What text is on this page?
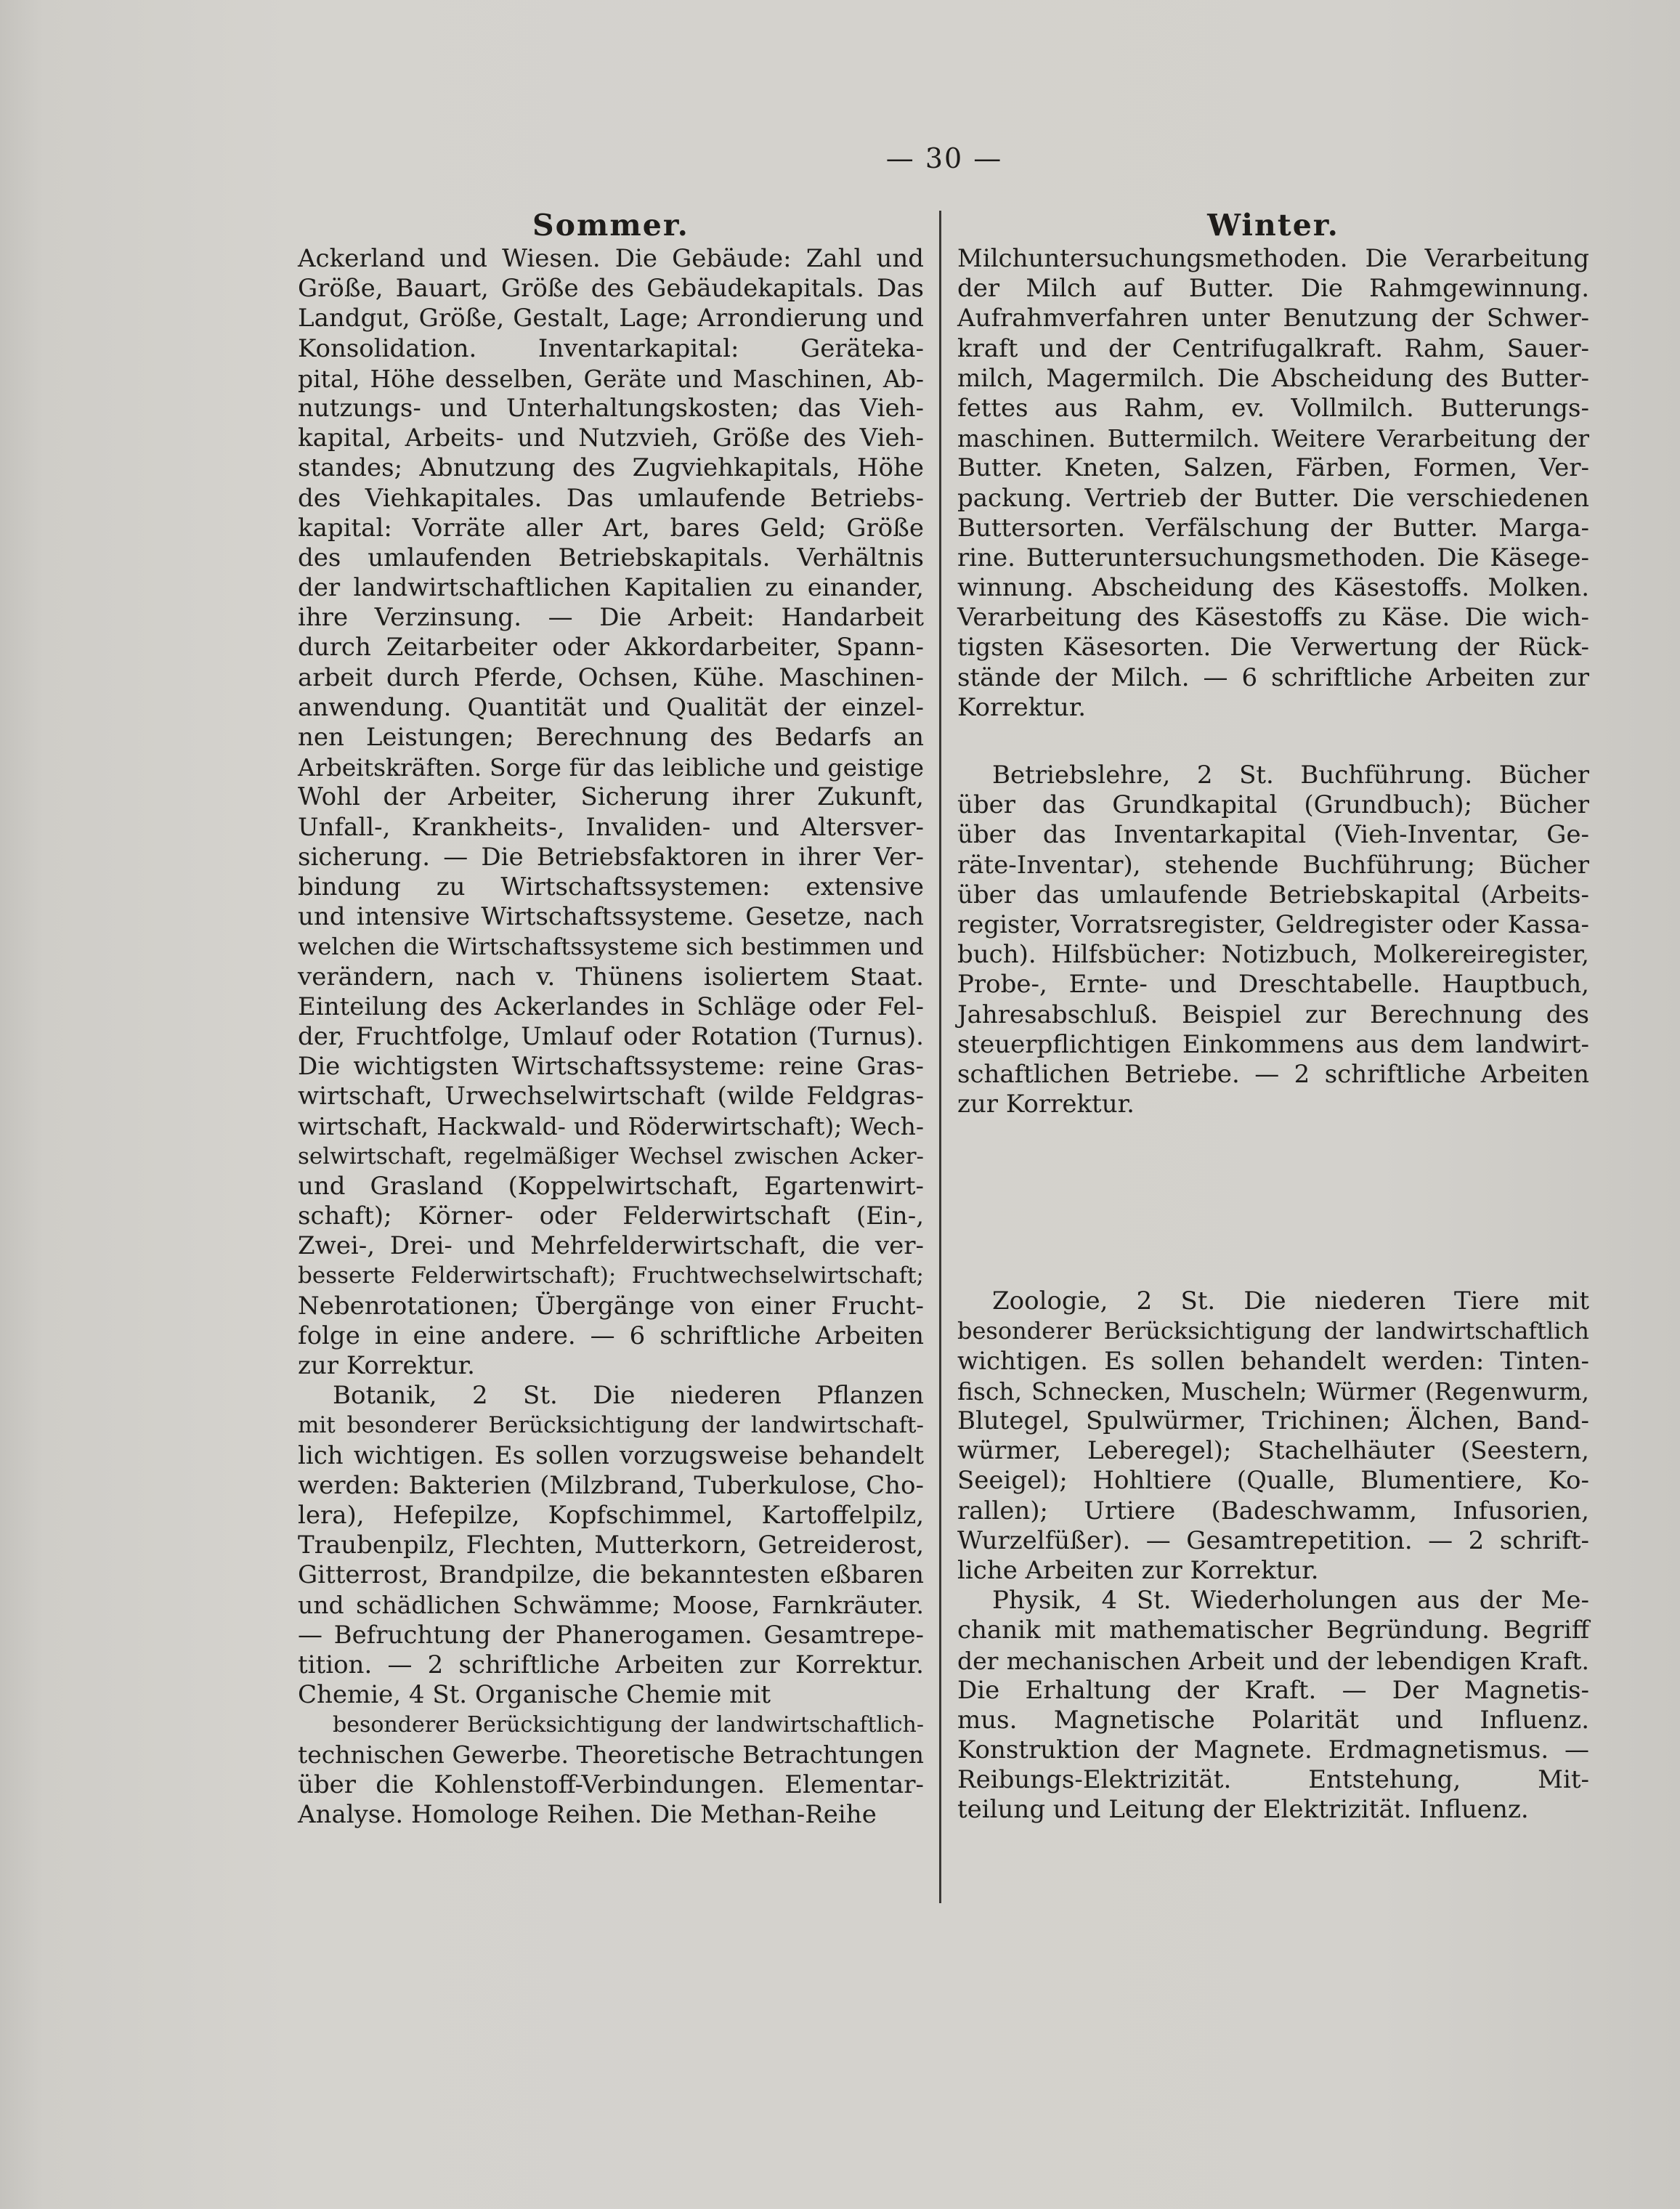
— 30 —
Sommer.
Ackerland und Wiesen. Die Gebäude: Zahl und
Größe, Bauart, Größe des Gebäudekapitals. Das
Landgut, Größe, Gestalt, Lage; Arrondierung und
Konsolidation. Inventarkapital: Geräteka-
pital, Höhe desselben, Geräte und Maschinen, Ab-
nutzungs- und Unterhaltungskosten; das Vieh-
kapital, Arbeits- und Nutzvieh, Größe des Vieh-
standes; Abnutzung des Zugviehkapitals, Höhe
des Viehkapitales. Das umlaufende Betriebs-
kapital: Vorräte aller Art, bares Geld; Größe
des umlaufenden Betriebskapitals. Verhältnis
der landwirtschaftlichen Kapitalien zu einander,
ihre Verzinsung. — Die Arbeit: Handarbeit
durch Zeitarbeiter oder Akkordarbeiter, Spann-
arbeit durch Pferde, Ochsen, Kühe. Maschinen-
anwendung. Quantität und Qualität der einzel-
nen Leistungen; Berechnung des Bedarfs an
Arbeitskräften. Sorge für das leibliche und geistige
Wohl der Arbeiter, Sicherung ihrer Zukunft,
Unfall-, Krankheits-, Invaliden- und Altersver-
sicherung. — Die Betriebsfaktoren in ihrer Ver-
bindung zu Wirtschaftssystemen: extensive
und intensive Wirtschaftssysteme. Gesetze, nach
welchen die Wirtschaftssysteme sich bestimmen und
verändern, nach v. Thünens isoliertem Staat.
Einteilung des Ackerlandes in Schläge oder Fel-
der, Fruchtfolge, Umlauf oder Rotation (Turnus).
Die wichtigsten Wirtschaftssysteme: reine Gras-
wirtschaft, Urwechselwirtschaft (wilde Feldgras-
wirtschaft, Hackwald- und Röderwirtschaft); Wech-
selwirtschaft, regelmäßiger Wechsel zwischen Acker-
und Grasland (Koppelwirtschaft, Egartenwirt-
schaft); Körner- oder Felderwirtschaft (Ein-,
Zwei-, Drei- und Mehrfelderwirtschaft, die ver-
besserte Felderwirtschaft); Fruchtwechselwirtschaft;
Nebenrotationen; Übergänge von einer Frucht-
folge in eine andere. — 6 schriftliche Arbeiten
zur Korrektur.
Botanik, 2 St. Die niederen Pflanzen
mit besonderer Berücksichtigung der landwirtschaft-
lich wichtigen. Es sollen vorzugsweise behandelt
werden: Bakterien (Milzbrand, Tuberkulose, Cho-
lera), Hefepilze, Kopfschimmel, Kartoffelpilz,
Traubenpilz, Flechten, Mutterkorn, Getreiderost,
Gitterrost, Brandpilze, die bekanntesten eßbaren
und schädlichen Schwämme; Moose, Farnkräuter.
— Befruchtung der Phanerogamen. Gesamtrepe-
tition. — 2 schriftliche Arbeiten zur Korrektur.
Chemie, 4 St. Organische Chemie mit
besonderer Berücksichtigung der landwirtschaftlich-
technischen Gewerbe. Theoretische Betrachtungen
über die Kohlenstoff-Verbindungen. Elementar-
Analyse. Homologe Reihen. Die Methan-Reihe
Winter.
Milchuntersuchungsmethoden. Die Verarbeitung
der Milch auf Butter. Die Rahmgewinnung.
Aufrahmverfahren unter Benutzung der Schwer-
kraft und der Centrifugalkraft. Rahm, Sauer-
milch, Magermilch. Die Abscheidung des Butter-
fettes aus Rahm, ev. Vollmilch. Butterungs-
maschinen. Buttermilch. Weitere Verarbeitung der
Butter. Kneten, Salzen, Färben, Formen, Ver-
packung. Vertrieb der Butter. Die verschiedenen
Buttersorten. Verfälschung der Butter. Marga-
rine. Butteruntersuchungsmethoden. Die Käsege-
winnung. Abscheidung des Käsestoffs. Molken.
Verarbeitung des Käsestoffs zu Käse. Die wich-
tigsten Käsesorten. Die Verwertung der Rück-
stände der Milch. — 6 schriftliche Arbeiten zur
Korrektur.
Betriebslehre, 2 St. Buchführung. Bücher
über das Grundkapital (Grundbuch); Bücher
über das Inventarkapital (Vieh-Inventar, Ge-
räte-Inventar), stehende Buchführung; Bücher
über das umlaufende Betriebskapital (Arbeits-
register, Vorratsregister, Geldregister oder Kassa-
buch). Hilfsbücher: Notizbuch, Molkereiregister,
Probe-, Ernte- und Dreschtabelle. Hauptbuch,
Jahresabschluß. Beispiel zur Berechnung des
steuerpflichtigen Einkommens aus dem landwirt-
schaftlichen Betriebe. — 2 schriftliche Arbeiten
zur Korrektur.
Zoologie, 2 St. Die niederen Tiere mit
besonderer Berücksichtigung der landwirtschaftlich
wichtigen. Es sollen behandelt werden: Tinten-
fisch, Schnecken, Muscheln; Würmer (Regenwurm,
Blutegel, Spulwürmer, Trichinen; Älchen, Band-
würmer, Leberegel); Stachelhäuter (Seestern,
Seeigel); Hohltiere (Qualle, Blumentiere, Ko-
rallen); Urtiere (Badeschwamm, Infusorien,
Wurzelfüßer). — Gesamtrepetition. — 2 schrift-
liche Arbeiten zur Korrektur.
Physik, 4 St. Wiederholungen aus der Me-
chanik mit mathematischer Begründung. Begriff
der mechanischen Arbeit und der lebendigen Kraft.
Die Erhaltung der Kraft. — Der Magnetis-
mus. Magnetische Polarität und Influenz.
Konstruktion der Magnete. Erdmagnetismus. —
Reibungs-Elektrizität. Entstehung, Mit-
teilung und Leitung der Elektrizität. Influenz.
